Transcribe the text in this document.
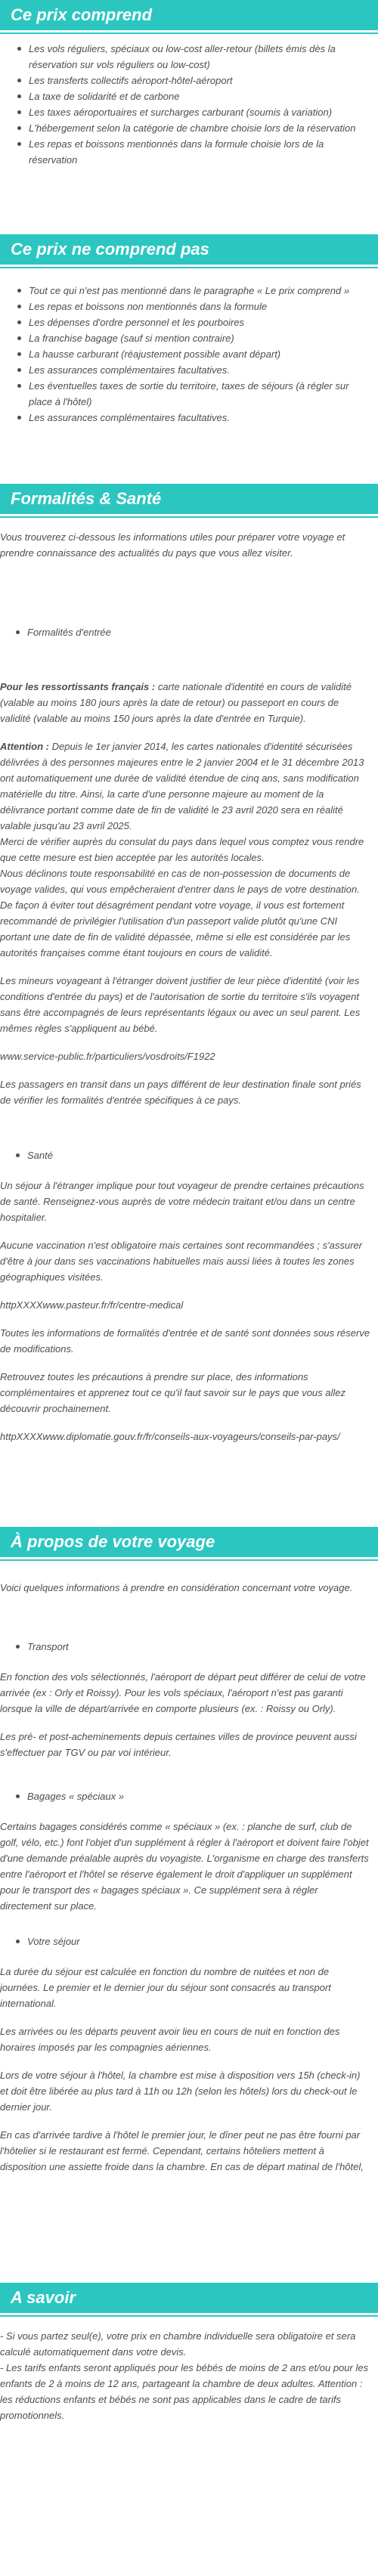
Ce prix comprend
Les vols réguliers, spéciaux ou low-cost aller-retour (billets émis dès la réservation sur vols réguliers ou low-cost)
Les transferts collectifs aéroport-hôtel-aéroport
La taxe de solidarité et de carbone
Les taxes aéroportuaires et surcharges carburant (soumis à variation)
L'hébergement selon la catégorie de chambre choisie lors de la réservation
Les repas et boissons mentionnés dans la formule choisie lors de la réservation
Ce prix ne comprend pas
Tout ce qui n'est pas mentionné dans le paragraphe « Le prix comprend »
Les repas et boissons non mentionnés dans la formule
Les dépenses d'ordre personnel et les pourboires
La franchise bagage (sauf si mention contraire)
La hausse carburant (réajustement possible avant départ)
Les assurances complémentaires facultatives.
Les éventuelles taxes de sortie du territoire, taxes de séjours (à régler sur place à l'hôtel)
Les assurances complémentaires facultatives.
Formalités & Santé

Vous trouverez ci-dessous les informations utiles pour préparer votre voyage et prendre connaissance des actualités du pays que vous allez visiter.

Formalités d'entrée

Pour les ressortissants français : carte nationale d'identité en cours de validité (valable au moins 180 jours après la date de retour) ou passeport en cours de validité (valable au moins 150 jours après la date d'entrée en Turquie).

Attention : Depuis le 1er janvier 2014, les cartes nationales d'identité sécurisées délivrées à des personnes majeures entre le 2 janvier 2004 et le 31 décembre 2013 ont automatiquement une durée de validité étendue de cinq ans, sans modification matérielle du titre. Ainsi, la carte d'une personne majeure au moment de la délivrance portant comme date de fin de validité le 23 avril 2020 sera en réalité valable jusqu'au 23 avril 2025.

Merci de vérifier auprès du consulat du pays dans lequel vous comptez vous rendre que cette mesure est bien acceptée par les autorités locales.

Nous déclinons toute responsabilité en cas de non-possession de documents de voyage valides, qui vous empêcheraient d'entrer dans le pays de votre destination. De façon à éviter tout désagrément pendant votre voyage, il vous est fortement recommandé de privilégier l'utilisation d'un passeport valide plutôt qu'une CNI portant une date de fin de validité dépassée, même si elle est considérée par les autorités françaises comme étant toujours en cours de validité.

Les mineurs voyageant à l'étranger doivent justifier de leur pièce d'identité (voir les conditions d'entrée du pays) et de l'autorisation de sortie du territoire s'ils voyagent sans être accompagnés de leurs représentants légaux ou avec un seul parent. Les mêmes règles s'appliquent au bébé.

www.service-public.fr/particuliers/vosdroits/F1922

Les passagers en transit dans un pays différent de leur destination finale sont priés de vérifier les formalités d'entrée spécifiques à ce pays.

Santé

Un séjour à l'étranger implique pour tout voyageur de prendre certaines précautions de santé. Renseignez-vous auprès de votre médecin traitant et/ou dans un centre hospitalier.

Aucune vaccination n'est obligatoire mais certaines sont recommandées ; s'assurer d'être à jour dans ses vaccinations habituelles mais aussi liées à toutes les zones géographiques visitées.

httpXXXXwww.pasteur.fr/fr/centre-medical

Toutes les informations de formalités d'entrée et de santé sont données sous réserve de modifications.

Retrouvez toutes les précautions à prendre sur place, des informations complémentaires et apprenez tout ce qu'il faut savoir sur le pays que vous allez découvrir prochainement.

httpXXXXwww.diplomatie.gouv.fr/fr/conseils-aux-voyageurs/conseils-par-pays/

À propos de votre voyage

Voici quelques informations à prendre en considération concernant votre voyage.

Transport

En fonction des vols sélectionnés, l'aéroport de départ peut différer de celui de votre arrivée (ex : Orly et Roissy). Pour les vols spéciaux, l'aéroport n'est pas garanti lorsque la ville de départ/arrivée en comporte plusieurs (ex. : Roissy ou Orly).

Les pré- et post-acheminements depuis certaines villes de province peuvent aussi s'effectuer par TGV ou par voi intérieur.

Bagages « spéciaux »

Certains bagages considérés comme « spéciaux » (ex. : planche de surf, club de golf, vélo, etc.) font l'objet d'un supplément à régler à l'aéroport et doivent faire l'objet d'une demande préalable auprès du voyagiste. L'organisme en charge des transferts entre l'aéroport et l'hôtel se réserve également le droit d'appliquer un supplément pour le transport des « bagages spéciaux ». Ce supplément sera à régler directement sur place.

Votre séjour

La durée du séjour est calculée en fonction du nombre de nuitées et non de journées. Le premier et le dernier jour du séjour sont consacrés au transport international.

Les arrivées ou les départs peuvent avoir lieu en cours de nuit en fonction des horaires imposés par les compagnies aériennes.

Lors de votre séjour à l'hôtel, la chambre est mise à disposition vers 15h (check-in) et doit être libérée au plus tard à 11h ou 12h (selon les hôtels) lors du check-out le dernier jour.

En cas d'arrivée tardive à l'hôtel le premier jour, le dîner peut ne pas être fourni par l'hôtelier si le restaurant est fermé. Cependant, certains hôteliers mettent à disposition une assiette froide dans la chambre. En cas de départ matinal de l'hôtel,

A savoir

- Si vous partez seul(e), votre prix en chambre individuelle sera obligatoire et sera calculé automatiquement dans votre devis.
- Les tarifs enfants seront appliqués pour les bébés de moins de 2 ans et/ou pour les enfants de 2 à moins de 12 ans, partageant la chambre de deux adultes. Attention : les réductions enfants et bébés ne sont pas applicables dans le cadre de tarifs promotionnels.
